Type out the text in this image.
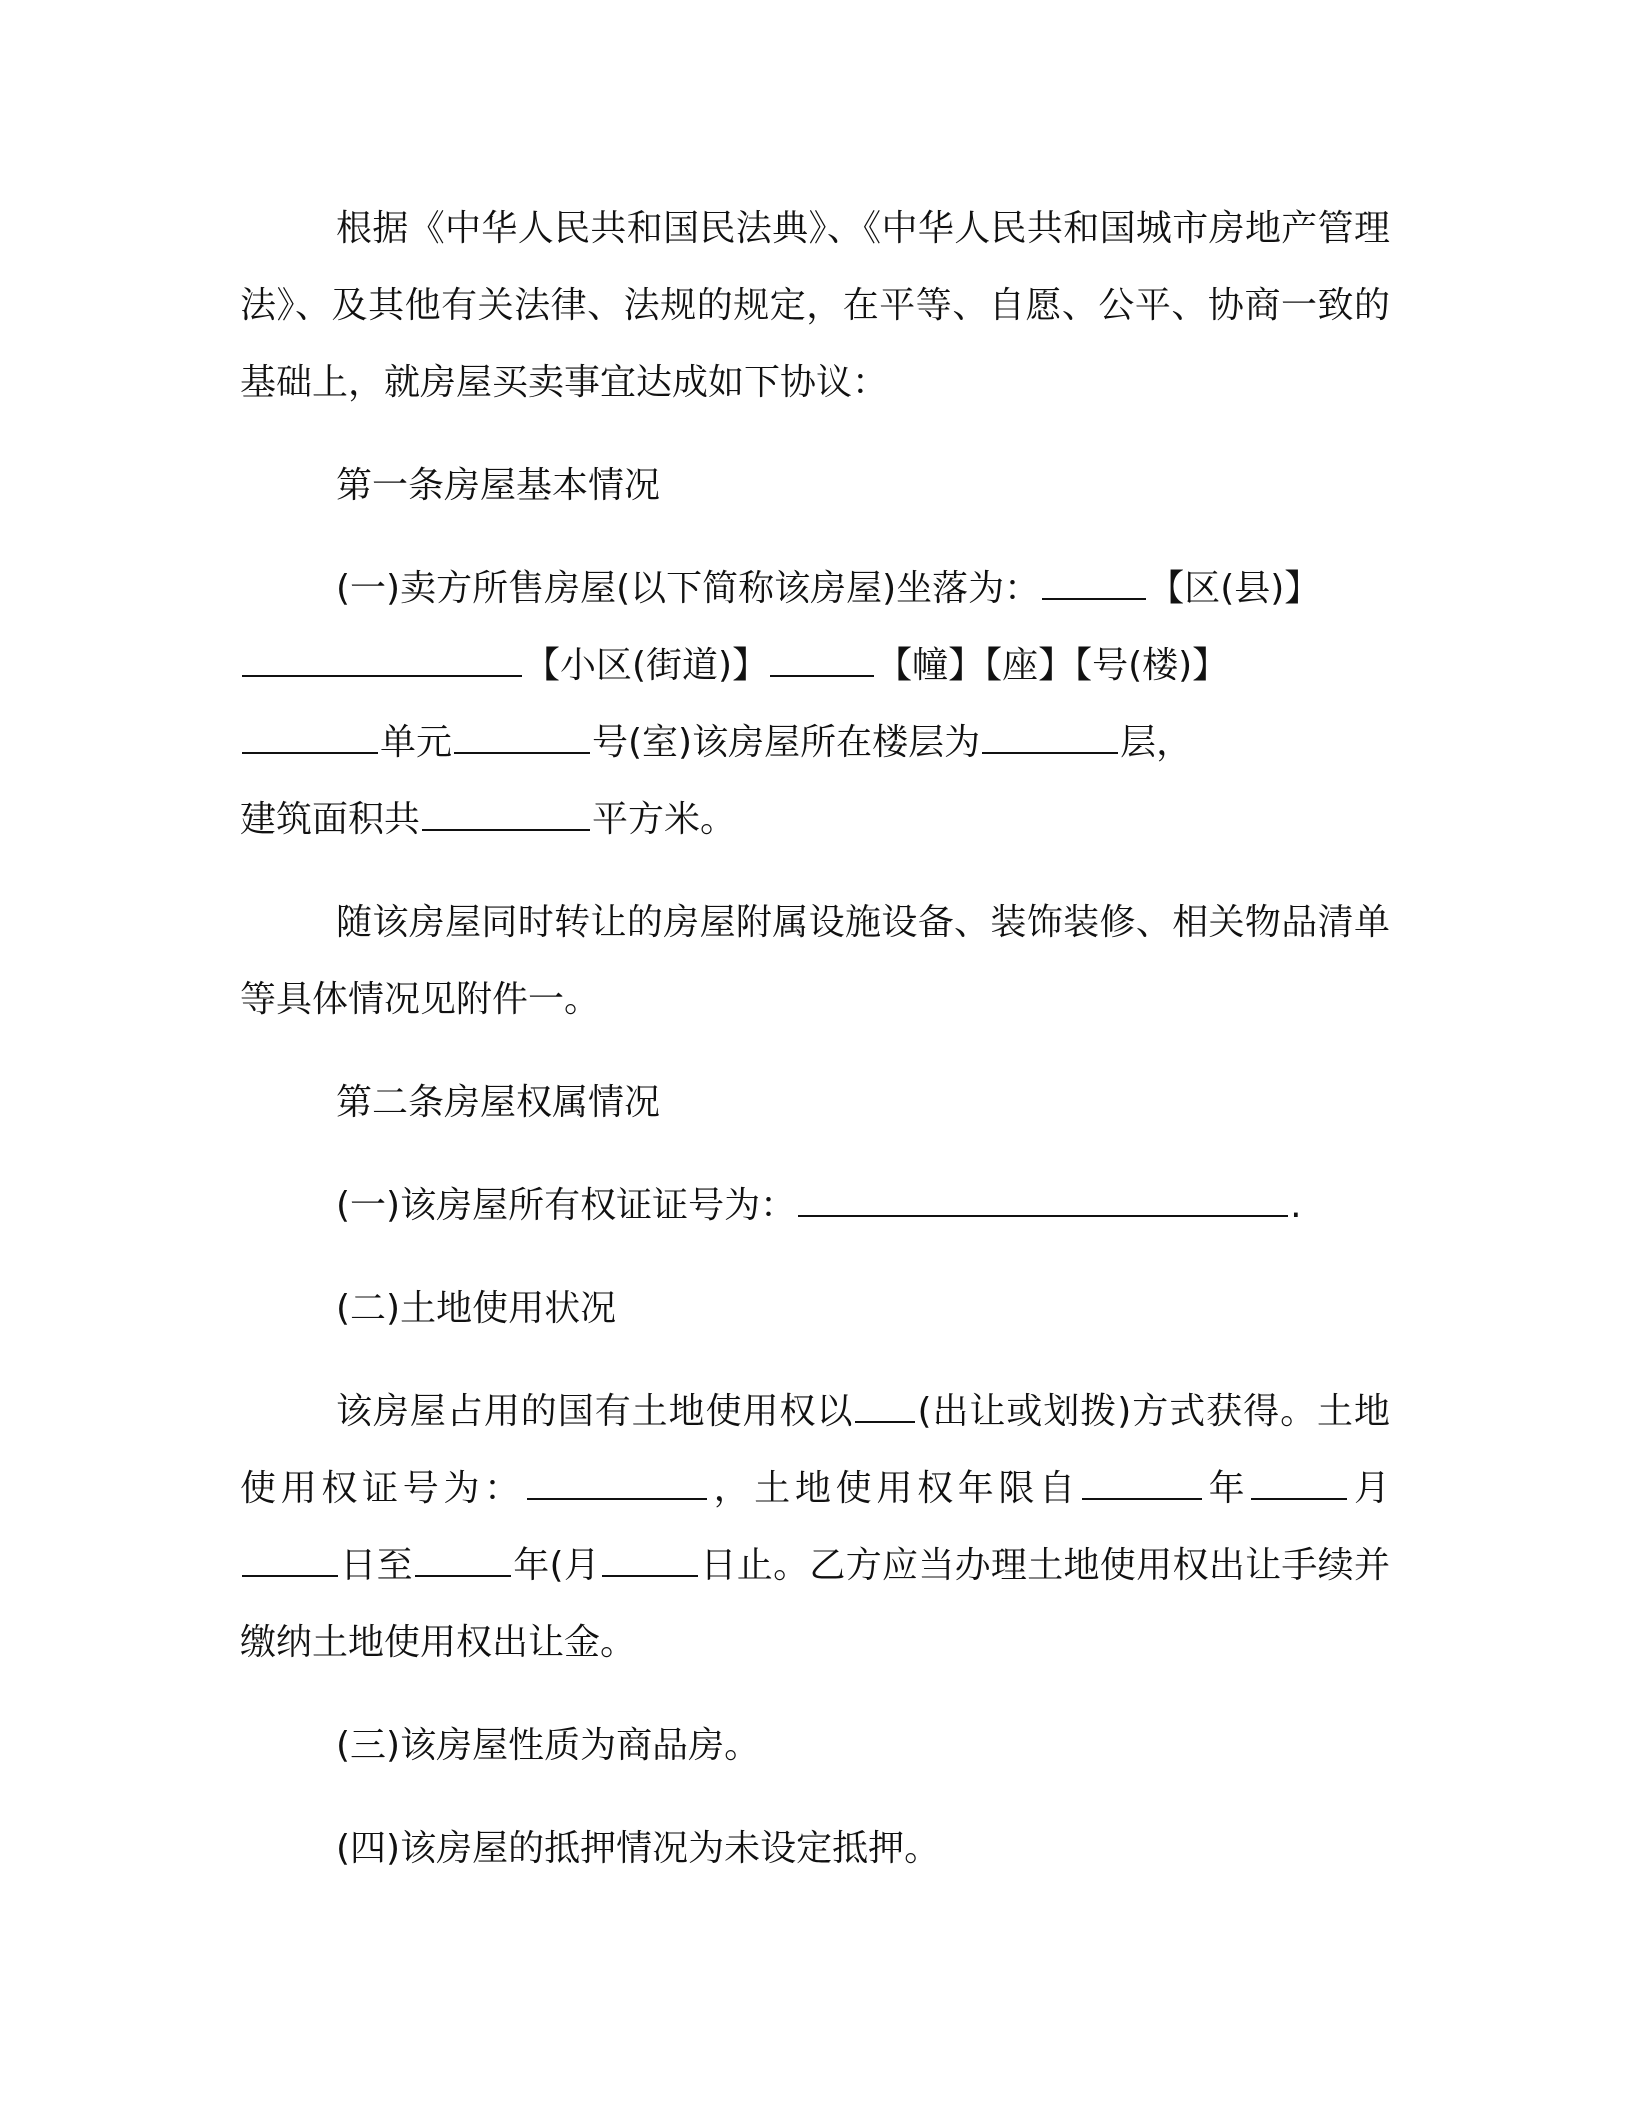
根据《中华人民共和国民法典》、《中华人民共和国城市房地产管理法》、及其他有关法律、法规的规定，在平等、自愿、公平、协商一致的基础上，就房屋买卖事宜达成如下协议：

第一条房屋基本情况

(一)卖方所售房屋(以下简称该房屋)坐落为：	【区(县)】
【小区(街道)】	【幢】【座】【号(楼)】
单元	号(室)该房屋所在楼层为	层，
建筑面积共	平方米。

随该房屋同时转让的房屋附属设施设备、装饰装修、相关物品清单等具体情况见附件一。

第二条房屋权属情况

(一)该房屋所有权证证号为：	.

(二)土地使用状况

该房屋占用的国有土地使用权以 (出让或划拨)方式获得。土地使用权证号为：	，土地使用权年限自	年	月日至	年(月	日止。乙方应当办理土地使用权出让手续并缴纳土地使用权出让金。

(三)该房屋性质为商品房。

(四)该房屋的抵押情况为未设定抵押。
